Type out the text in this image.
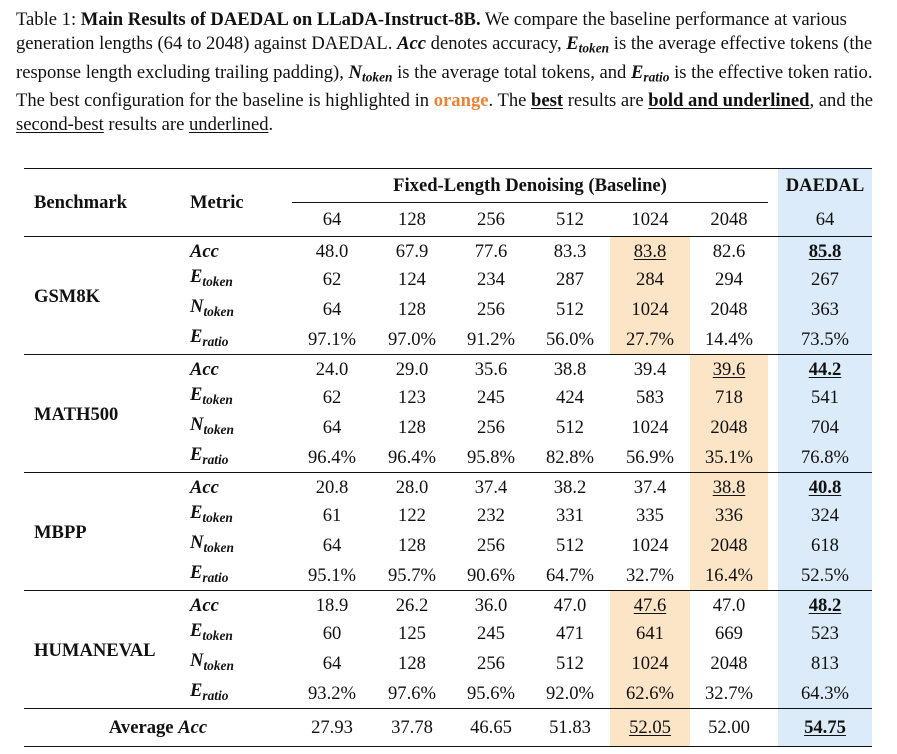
Table 1: Main Results of DAEDAL on LLaDA-Instruct-8B. We compare the baseline performance at various generation lengths (64 to 2048) against DAEDAL. Acc denotes accuracy, $E_{token}$ is the average effective tokens (the response length excluding trailing padding), $N_{token}$ is the average total tokens, and $E_{ratio}$ is the effective token ratio. The best configuration for the baseline is highlighted in orange. The best results are bold and underlined, and the second-best results are underlined.
Benchmark	Metric	Fixed-Length Denoising (Baseline)							DAEDAL
		64	128	256	512	1024	2048		64
GSM8K	Acc	48.0	67.9	77.6	83.3	83.8	82.6		85.8
	$E_{token}$	62	124	234	287	284	294		267
	$N_{token}$	64	128	256	512	1024	2048		363
	$E_{ratio}$	97.1%	97.0%	91.2%	56.0%	27.7%	14.4%		73.5%
MATH500	Acc	24.0	29.0	35.6	38.8	39.4	39.6		44.2
	$E_{token}$	62	123	245	424	583	718		541
	$N_{token}$	64	128	256	512	1024	2048		704
	$E_{ratio}$	96.4%	96.4%	95.8%	82.8%	56.9%	35.1%		76.8%
MBPP	Acc	20.8	28.0	37.4	38.2	37.4	38.8		40.8
	$E_{token}$	61	122	232	331	335	336		324
	$N_{token}$	64	128	256	512	1024	2048		618
	$E_{ratio}$	95.1%	95.7%	90.6%	64.7%	32.7%	16.4%		52.5%
HUMANEVAL	Acc	18.9	26.2	36.0	47.0	47.6	47.0		48.2
	$E_{token}$	60	125	245	471	641	669		523
	$N_{token}$	64	128	256	512	1024	2048		813
	$E_{ratio}$	93.2%	97.6%	95.6%	92.0%	62.6%	32.7%		64.3%
Average Acc		27.93	37.78	46.65	51.83	52.05	52.00		54.75
